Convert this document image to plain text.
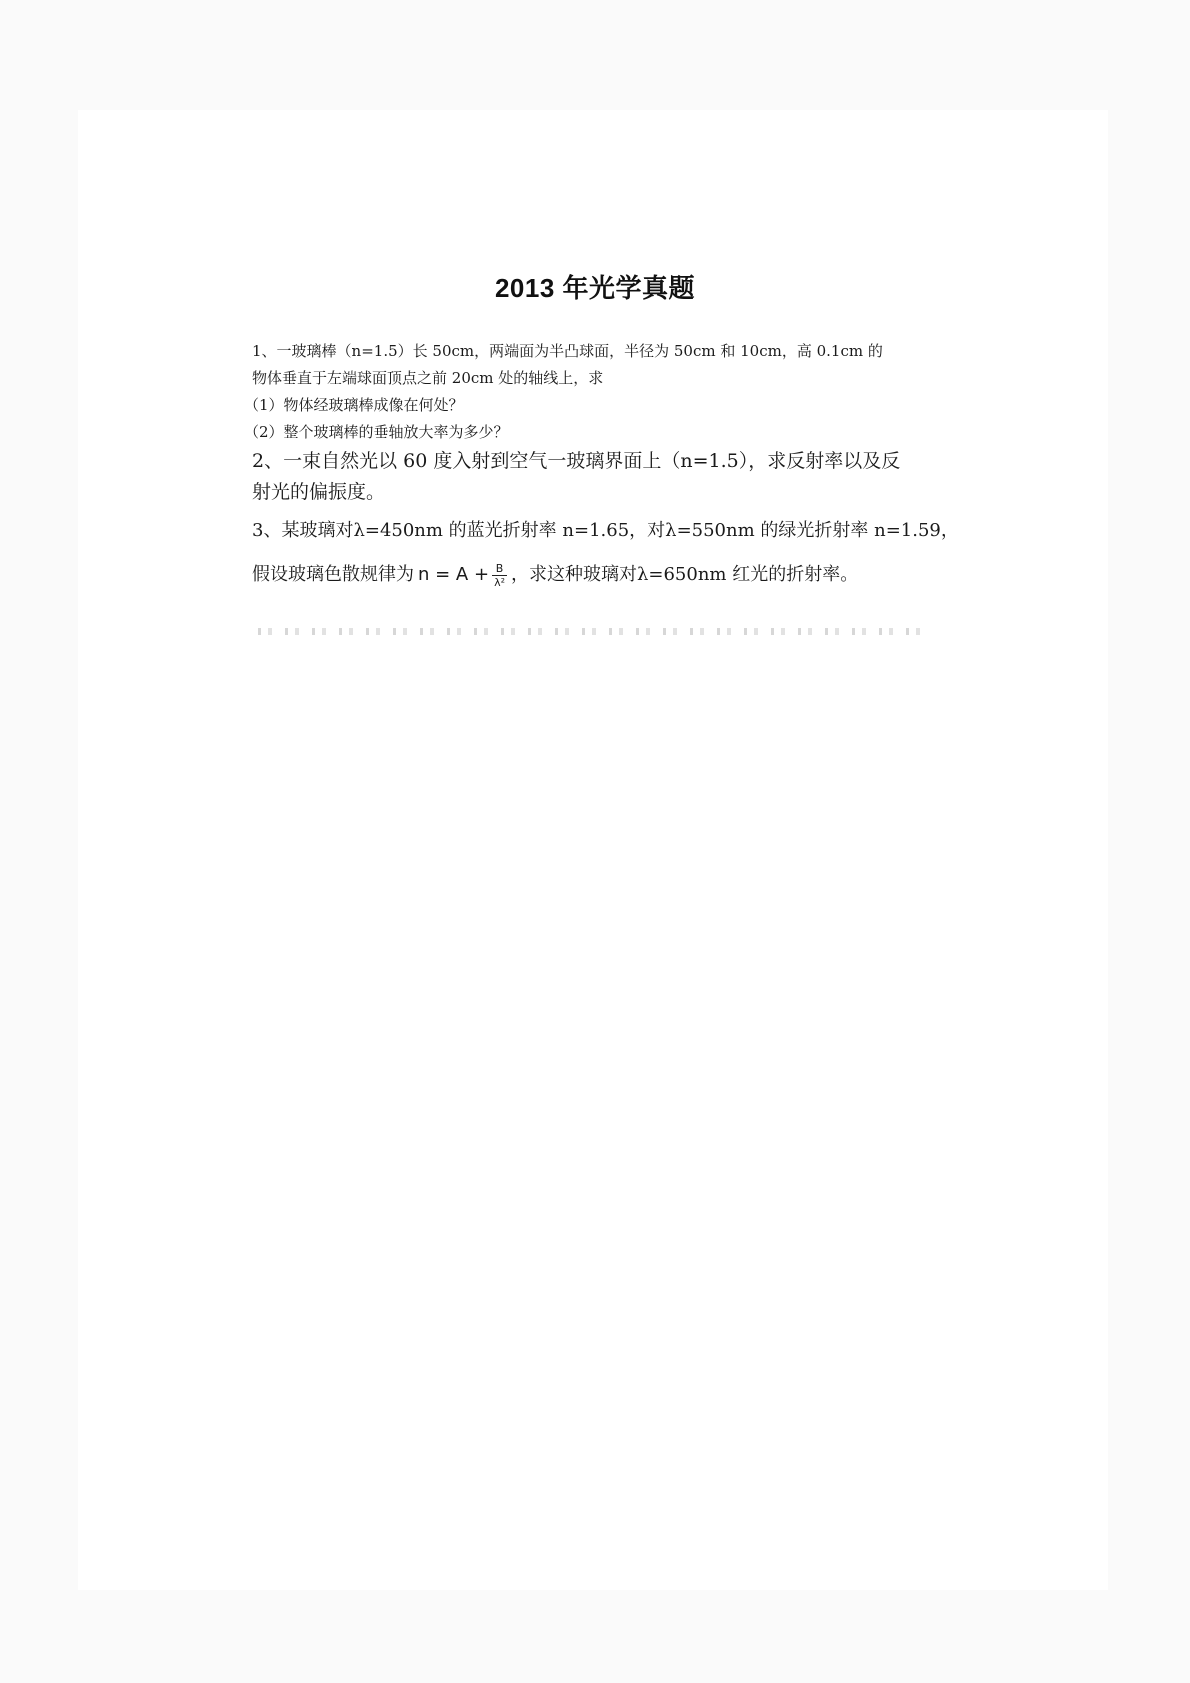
2013 年光学真题
1、一玻璃棒（n=1.5）长 50cm，两端面为半凸球面，半径为 50cm 和 10cm，高 0.1cm 的
物体垂直于左端球面顶点之前 20cm 处的轴线上，求
（1）物体经玻璃棒成像在何处？
（2）整个玻璃棒的垂轴放大率为多少？
2、一束自然光以 60 度入射到空气一玻璃界面上（n=1.5），求反射率以及反
射光的偏振度。
3、某玻璃对λ=450nm 的蓝光折射率 n=1.65，对λ=550nm 的绿光折射率 n=1.59，
假设玻璃色散规律为 $n = A + \frac{B}{\text{λ²}}$ ，求这种玻璃对λ=650nm 红光的折射率。
